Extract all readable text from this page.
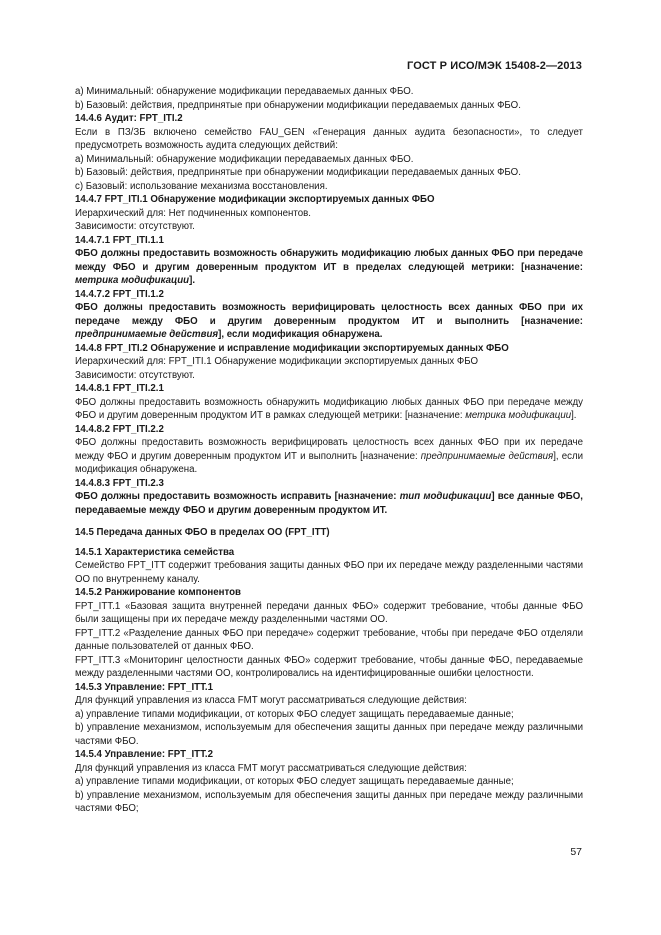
ГОСТ Р ИСО/МЭК 15408-2—2013
а) Минимальный: обнаружение модификации передаваемых данных ФБО.
b) Базовый: действия, предпринятые при обнаружении модификации передаваемых данных ФБО.
14.4.6 Аудит: FPT_ITI.2
Если в ПЗ/ЗБ включено семейство FAU_GEN «Генерация данных аудита безопасности», то следует предусмотреть возможность аудита следующих действий:
а) Минимальный: обнаружение модификации передаваемых данных ФБО.
b) Базовый: действия, предпринятые при обнаружении модификации передаваемых данных ФБО.
с) Базовый: использование механизма восстановления.
14.4.7 FPT_ITI.1 Обнаружение модификации экспортируемых данных ФБО
Иерархический для: Нет подчиненных компонентов.
Зависимости: отсутствуют.
14.4.7.1 FPT_ITI.1.1
ФБО должны предоставить возможность обнаружить модификацию любых данных ФБО при передаче между ФБО и другим доверенным продуктом ИТ в пределах следующей метрики: [назначение: метрика модификации].
14.4.7.2 FPT_ITI.1.2
ФБО должны предоставить возможность верифицировать целостность всех данных ФБО при их передаче между ФБО и другим доверенным продуктом ИТ и выполнить [назначение: предпринимаемые действия], если модификация обнаружена.
14.4.8 FPT_ITI.2 Обнаружение и исправление модификации экспортируемых данных ФБО
Иерархический для: FPT_ITI.1 Обнаружение модификации экспортируемых данных ФБО
Зависимости: отсутствуют.
14.4.8.1 FPT_ITI.2.1
ФБО должны предоставить возможность обнаружить модификацию любых данных ФБО при передаче между ФБО и другим доверенным продуктом ИТ в рамках следующей метрики: [назначение: метрика модификации].
14.4.8.2 FPT_ITI.2.2
ФБО должны предоставить возможность верифицировать целостность всех данных ФБО при их передаче между ФБО и другим доверенным продуктом ИТ и выполнить [назначение: предпринимаемые действия], если модификация обнаружена.
14.4.8.3 FPT_ITI.2.3
ФБО должны предоставить возможность исправить [назначение: тип модификации] все данные ФБО, передаваемые между ФБО и другим доверенным продуктом ИТ.
14.5 Передача данных ФБО в пределах ОО (FPT_ITT)
14.5.1 Характеристика семейства
Семейство FPT_ITT содержит требования защиты данных ФБО при их передаче между разделенными частями ОО по внутреннему каналу.
14.5.2 Ранжирование компонентов
FPT_ITT.1 «Базовая защита внутренней передачи данных ФБО» содержит требование, чтобы данные ФБО были защищены при их передаче между разделенными частями ОО.
FPT_ITT.2 «Разделение данных ФБО при передаче» содержит требование, чтобы при передаче ФБО отделяли данные пользователей от данных ФБО.
FPT_ITT.3 «Мониторинг целостности данных ФБО» содержит требование, чтобы данные ФБО, передаваемые между разделенными частями ОО, контролировались на идентифицированные ошибки целостности.
14.5.3 Управление: FPT_ITT.1
Для функций управления из класса FMT могут рассматриваться следующие действия:
а) управление типами модификации, от которых ФБО следует защищать передаваемые данные;
b) управление механизмом, используемым для обеспечения защиты данных при передаче между различными частями ФБО.
14.5.4 Управление: FPT_ITT.2
Для функций управления из класса FMT могут рассматриваться следующие действия:
а) управление типами модификации, от которых ФБО следует защищать передаваемые данные;
b) управление механизмом, используемым для обеспечения защиты данных при передаче между различными частями ФБО;
57
